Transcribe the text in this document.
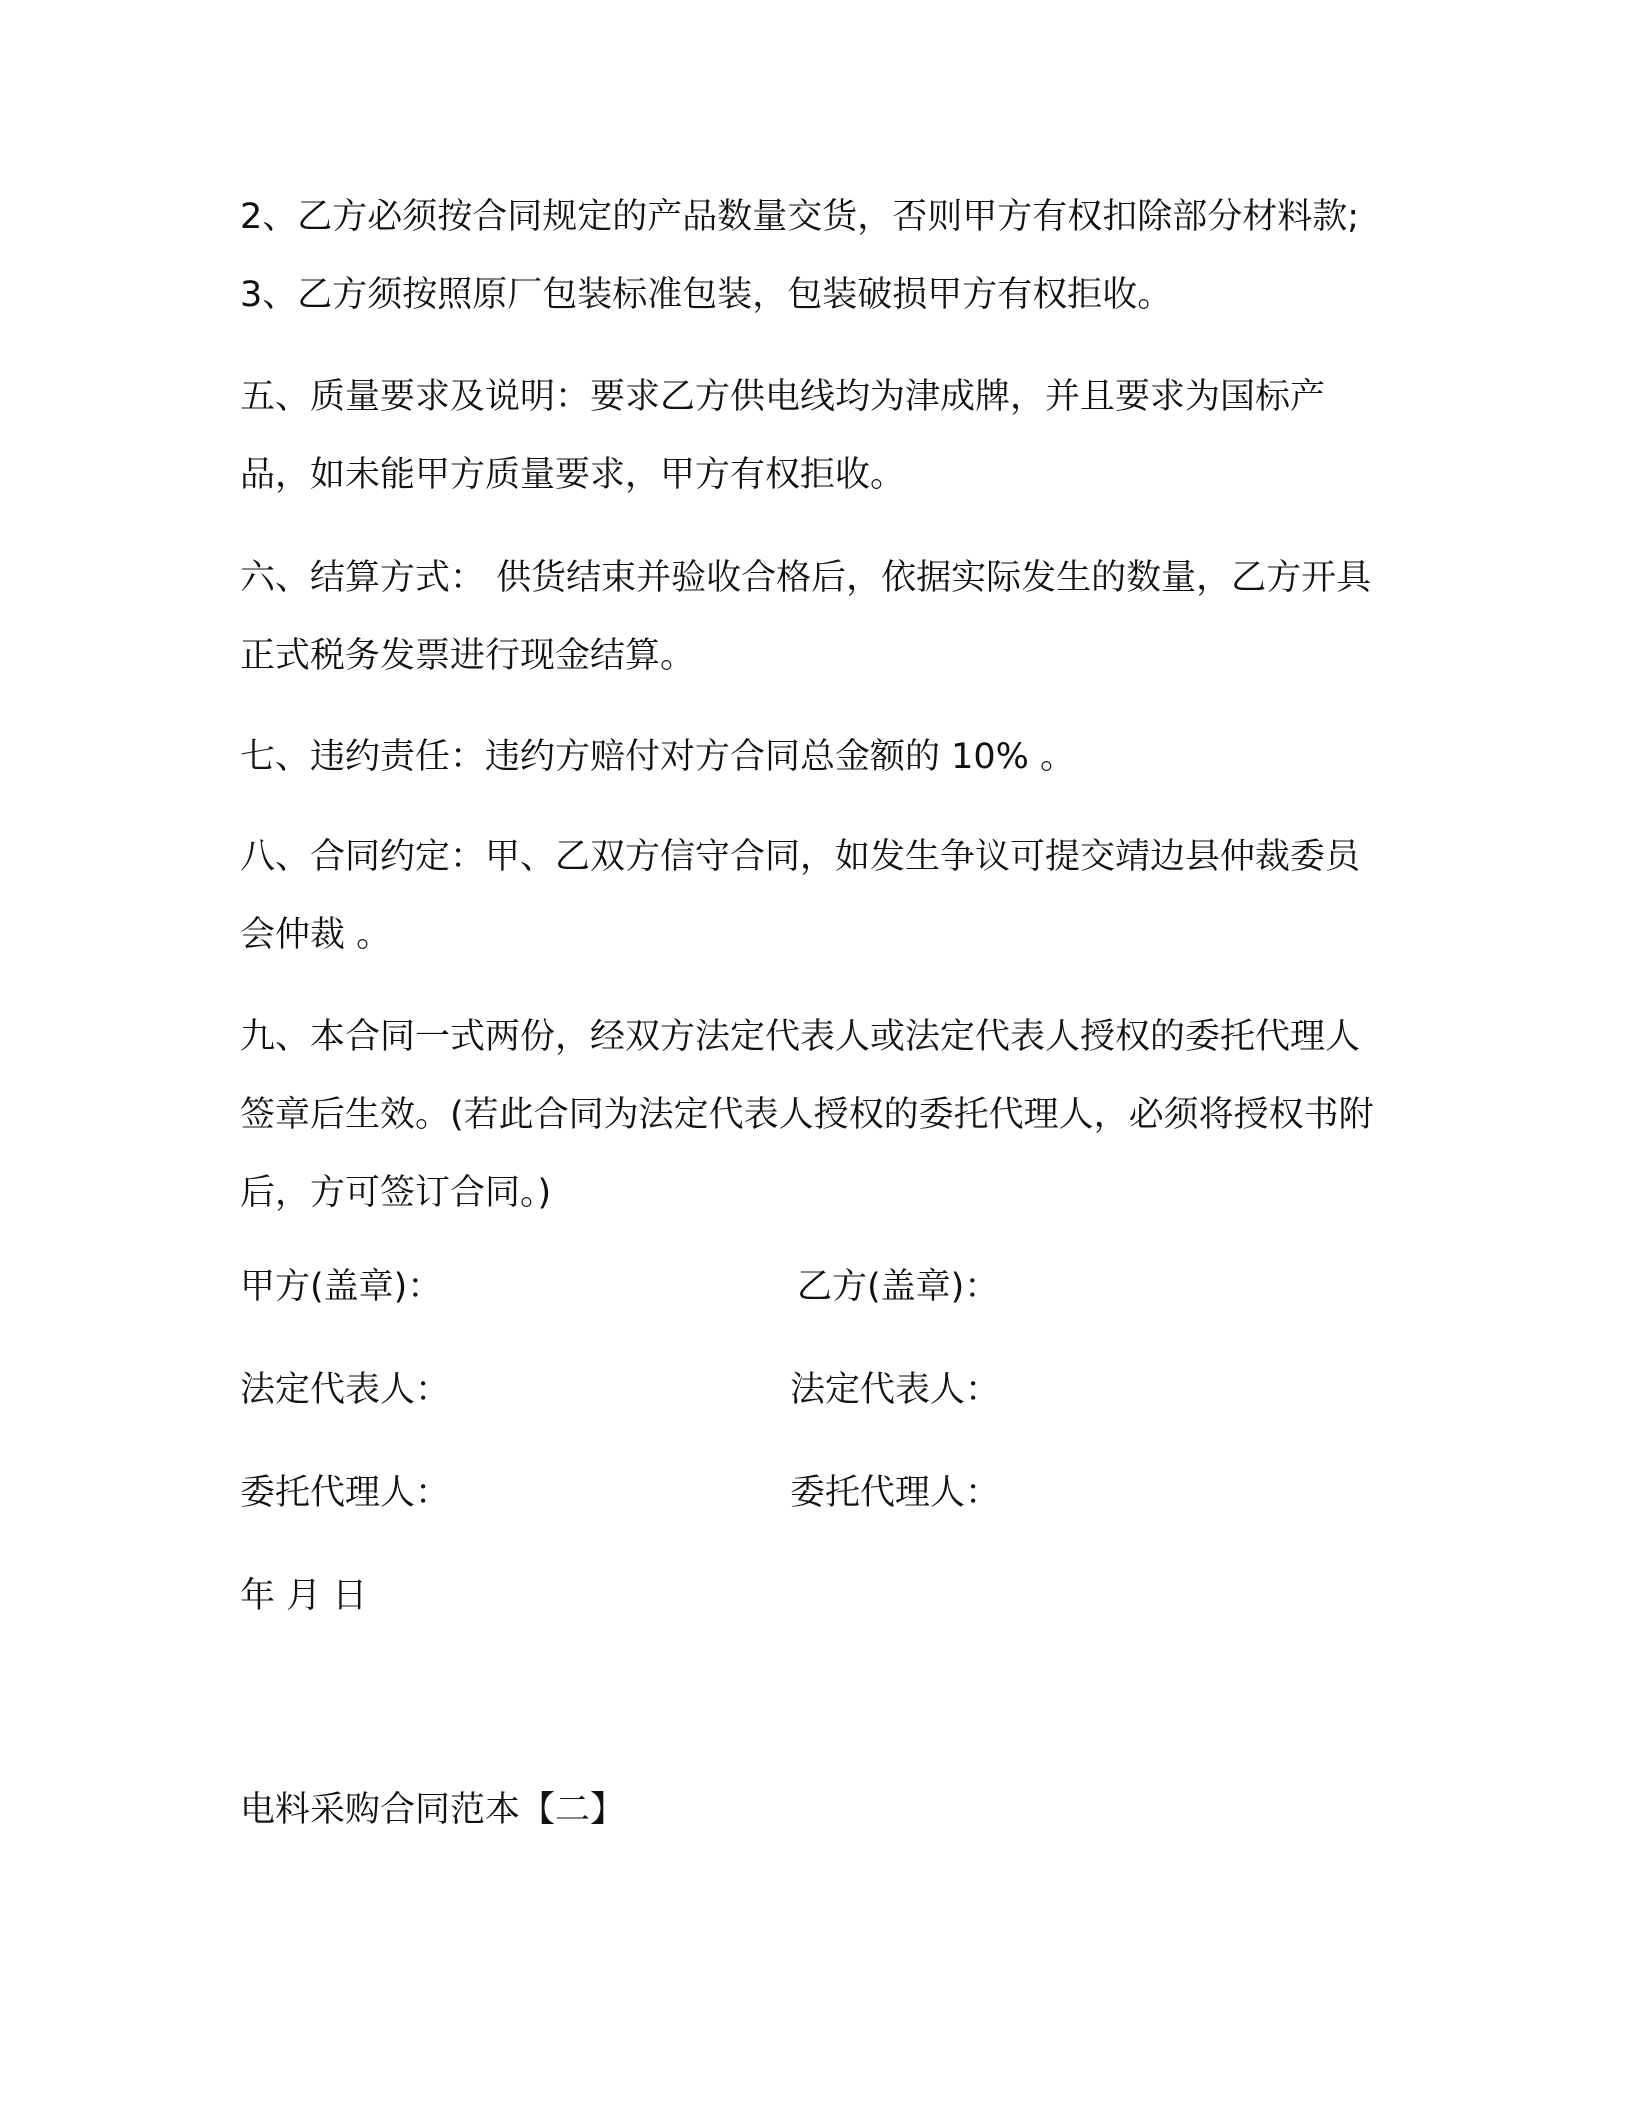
2、乙方必须按合同规定的产品数量交货，否则甲方有权扣除部分材料款; 3、乙方须按照原厂包装标准包装，包装破损甲方有权拒收。

五、质量要求及说明：要求乙方供电线均为津成牌，并且要求为国标产品，如未能甲方质量要求，甲方有权拒收。

六、结算方式： 供货结束并验收合格后，依据实际发生的数量，乙方开具正式税务发票进行现金结算。

七、违约责任：违约方赔付对方合同总金额的 10% 。

八、合同约定：甲、乙双方信守合同，如发生争议可提交靖边县仲裁委员会仲裁 。

九、本合同一式两份，经双方法定代表人或法定代表人授权的委托代理人签章后生效。(若此合同为法定代表人授权的委托代理人，必须将授权书附后，方可签订合同。)

甲方(盖章)：	乙方(盖章)：

法定代表人：	法定代表人：

委托代理人：	委托代理人：

年 月 日

电料采购合同范本【二】
